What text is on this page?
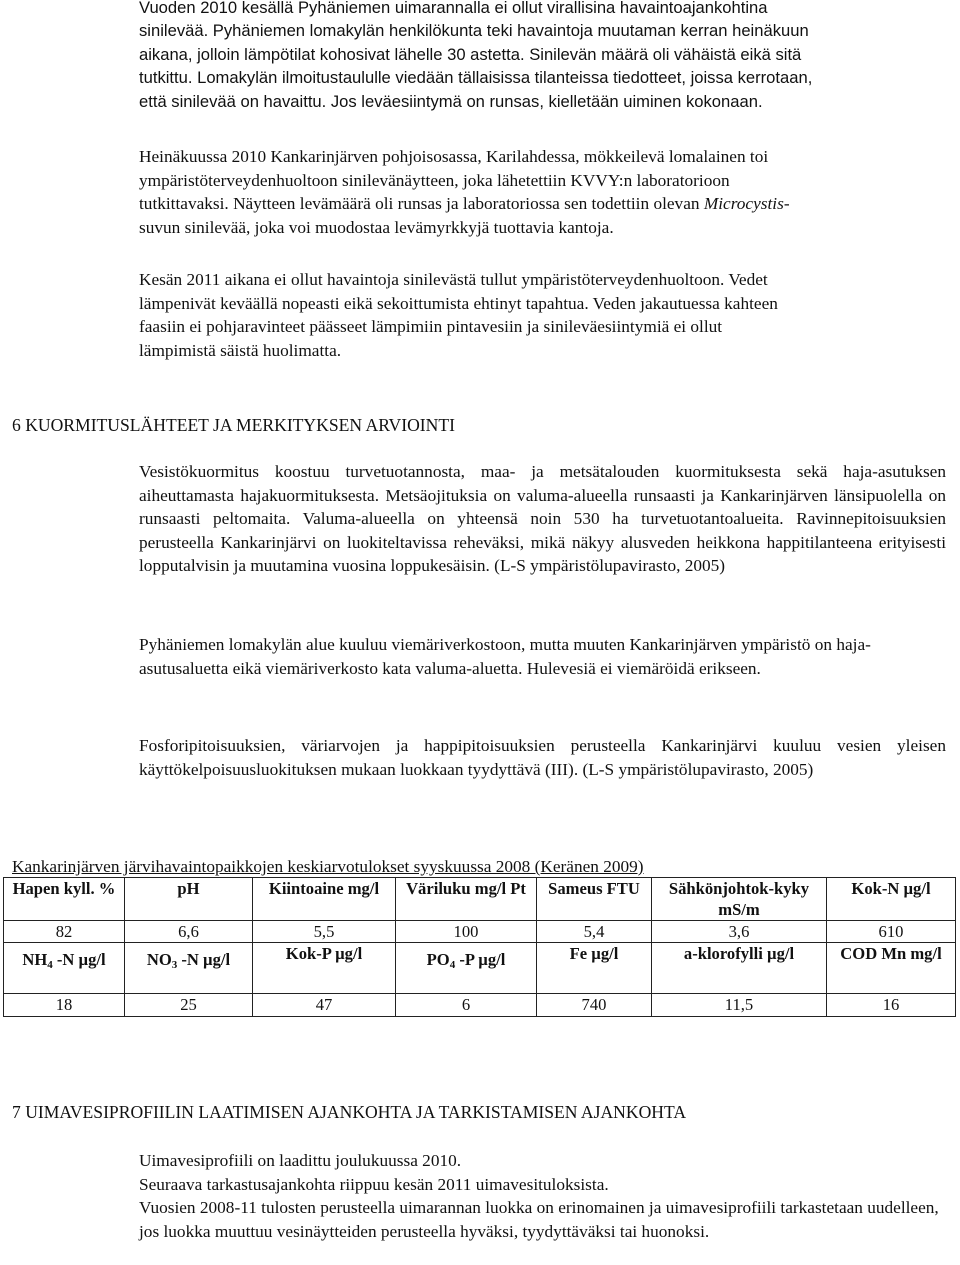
Vuoden 2010 kesällä Pyhäniemen uimarannalla ei ollut virallisina havaintoajankohtina
sinilevää. Pyhäniemen lomakylän henkilökunta teki havaintoja muutaman kerran heinäkuun
aikana, jolloin lämpötilat kohosivat lähelle 30 astetta. Sinilevän määrä oli vähäistä eikä sitä
tutkittu. Lomakylän ilmoitustaululle viedään tällaisissa tilanteissa tiedotteet, joissa kerrotaan,
että sinilevää on havaittu. Jos leväesiintymä on runsas, kielletään uiminen kokonaan.
Heinäkuussa 2010 Kankarinjärven pohjoisosassa, Karilahdessa, mökkeilevä lomalainen toi
ympäristöterveydenhuoltoon sinilevänäytteen, joka lähetettiin KVVY:n laboratorioon
tutkittavaksi. Näytteen levämäärä oli runsas ja laboratoriossa sen todettiin olevan Microcystis-
suvun sinilevää, joka voi muodostaa levämyrkkyjä tuottavia kantoja.
Kesän 2011 aikana ei ollut havaintoja sinilevästä tullut ympäristöterveydenhuoltoon. Vedet
lämpenivät keväällä nopeasti eikä sekoittumista ehtinyt tapahtua. Veden jakautuessa kahteen
faasiin ei pohjaravinteet päässeet lämpimiin pintavesiin ja sinileväesiintymiä ei ollut
lämpimistä säistä huolimatta.
6 KUORMITUSLÄHTEET JA MERKITYKSEN ARVIOINTI

Vesistökuormitus koostuu turvetuotannosta, maa- ja metsätalouden kuormituksesta sekä haja-asutuksen aiheuttamasta hajakuormituksesta. Metsäojituksia on valuma-alueella runsaasti ja Kankarinjärven länsipuolella on runsaasti peltomaita. Valuma-alueella on yhteensä noin 530 ha turvetuotantoalueita. Ravinnepitoisuuksien perusteella Kankarinjärvi on luokiteltavissa reheväksi, mikä näkyy alusveden heikkona happitilanteena erityisesti lopputalvisin ja muutamina vuosina loppukesäisin. (L-S ympäristölupavirasto, 2005)

Pyhäniemen lomakylän alue kuuluu viemäriverkostoon, mutta muuten Kankarinjärven ympäristö on haja-asutusaluetta eikä viemäriverkosto kata valuma-aluetta. Hulevesiä ei viemäröidä erikseen.

Fosforipitoisuuksien, väriarvojen ja happipitoisuuksien perusteella Kankarinjärvi kuuluu vesien yleisen käyttökelpoisuusluokituksen mukaan luokkaan tyydyttävä (III). (L-S ympäristölupavirasto, 2005)

Kankarinjärven järvihavaintopaikkojen keskiarvotulokset syyskuussa 2008 (Keränen 2009)

Hapen kyll. %	pH	Kiintoaine mg/l	Väriluku mg/l Pt	Sameus FTU	Sähkönjohtok-kyky mS/m	Kok-N µg/l
82	6,6	5,5	100	5,4	3,6	610
$NH_4$ -N µg/l	$NO_3$ -N µg/l	Kok-P µg/l	$PO_4$ -P µg/l	Fe µg/l	a-klorofylli µg/l	COD Mn mg/l
18	25	47	6	740	11,5	16
7 UIMAVESIPROFIILIN LAATIMISEN AJANKOHTA JA TARKISTAMISEN AJANKOHTA
Uimavesiprofiili on laadittu joulukuussa 2010.
Seuraava tarkastusajankohta riippuu kesän 2011 uimavesituloksista.
Vuosien 2008-11 tulosten perusteella uimarannan luokka on erinomainen ja uimavesiprofiili tarkastetaan uudelleen, jos luokka muuttuu vesinäytteiden perusteella hyväksi, tyydyttäväksi tai huonoksi.
